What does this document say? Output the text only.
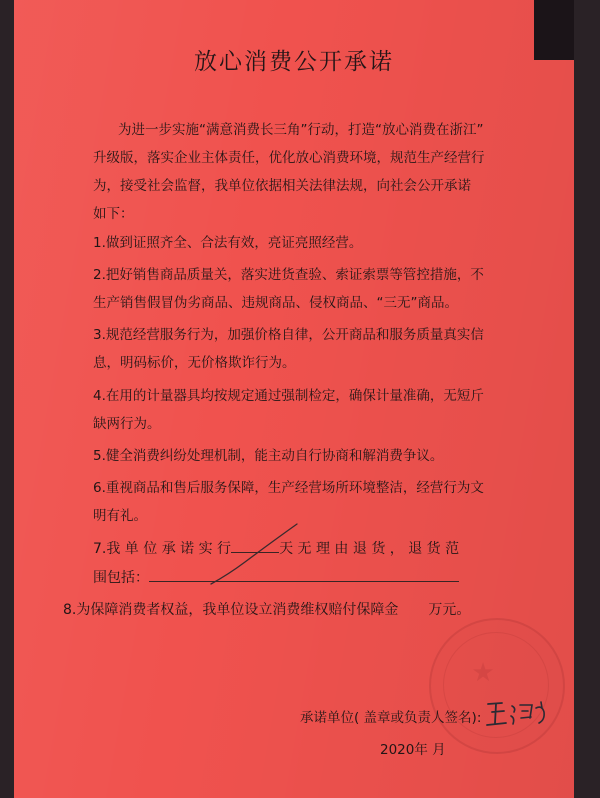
放心消费公开承诺
为进一步实施“满意消费长三角”行动，打造“放心消费在浙江”
升级版，落实企业主体责任，优化放心消费环境，规范生产经营行
为，接受社会监督，我单位依据相关法律法规，向社会公开承诺
如下：
1.做到证照齐全、合法有效，亮证亮照经营。
2.把好销售商品质量关，落实进货查验、索证索票等管控措施，不
生产销售假冒伪劣商品、违规商品、侵权商品、“三无”商品。
3.规范经营服务行为，加强价格自律，公开商品和服务质量真实信
息，明码标价，无价格欺诈行为。
4.在用的计量器具均按规定通过强制检定，确保计量准确，无短斤
缺两行为。
5.健全消费纠纷处理机制，能主动自行协商和解消费争议。
6.重视商品和售后服务保障，生产经营场所环境整洁，经营行为文
明有礼。
7.我 单 位 承 诺 实 行	天 无 理 由 退 货 ， 退 货 范
围包括：
8.为保障消费者权益，我单位设立消费维权赔付保障金 万元。
★
承诺单位( 盖章或负责人签名):
2020年 月
